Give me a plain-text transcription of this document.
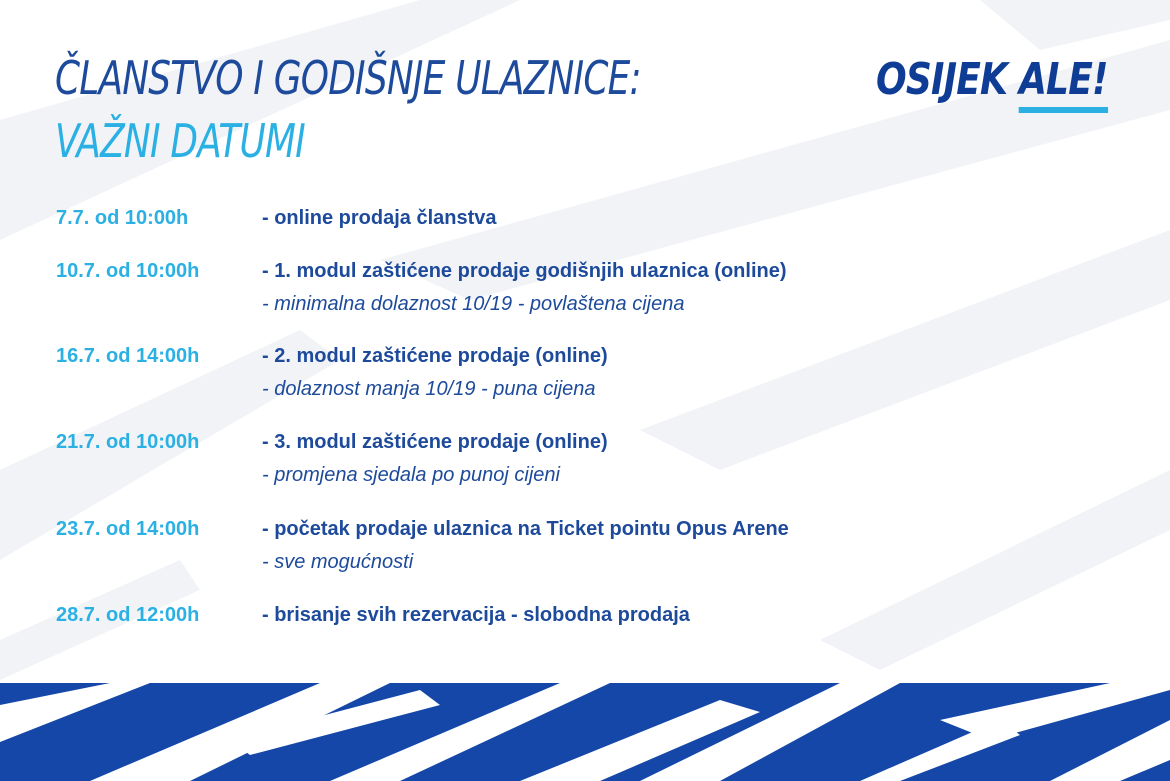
ČLANSTVO I GODIŠNJE ULAZNICE:
VAŽNI DATUMI
OSIJEK ALE!
7.7. od 10:00h	- online prodaja članstva
10.7. od 10:00h	- 1. modul zaštićene prodaje godišnjih ulaznica (online)
- minimalna dolaznost 10/19 - povlaštena cijena
16.7. od 14:00h	- 2. modul zaštićene prodaje (online)
- dolaznost manja 10/19 - puna cijena
21.7. od 10:00h	- 3. modul zaštićene prodaje (online)
- promjena sjedala po punoj cijeni
23.7. od 14:00h	- početak prodaje ulaznica na Ticket pointu Opus Arene
- sve mogućnosti
28.7. od 12:00h	- brisanje svih rezervacija - slobodna prodaja
